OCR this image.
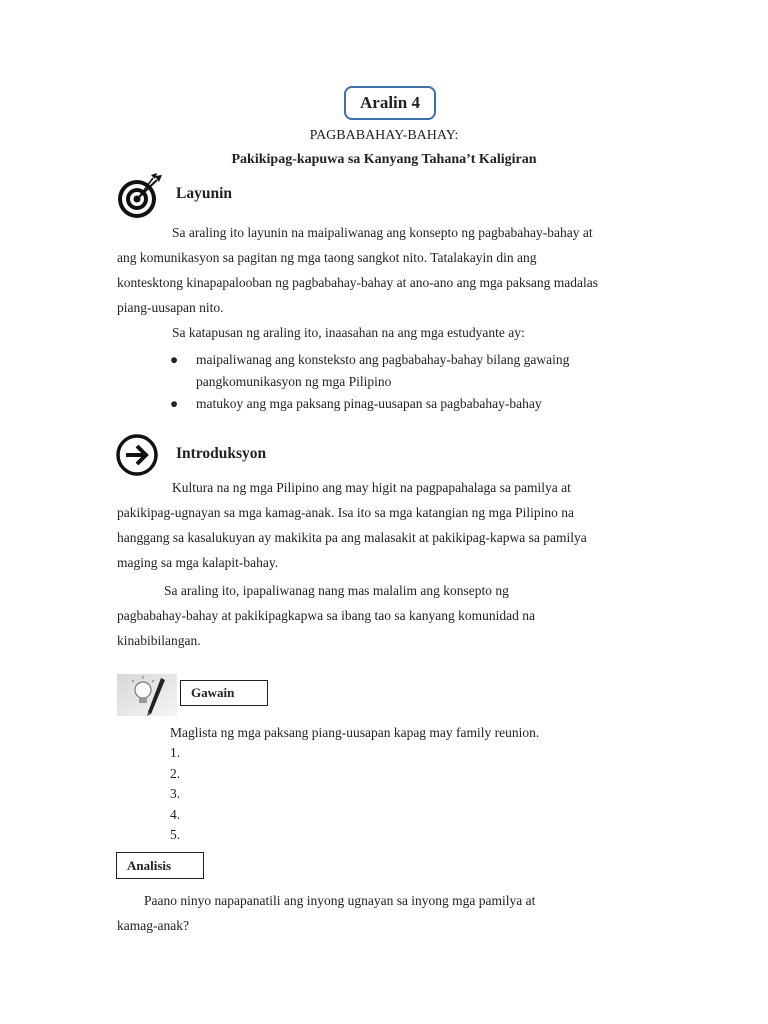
Aralin 4
PAGBABAHAY-BAHAY:
Pakikipag-kapuwa sa Kanyang Tahana’t Kaligiran
Layunin
Sa araling ito layunin na maipaliwanag ang konsepto ng pagbabahay-bahay at
ang komunikasyon sa pagitan ng mga taong sangkot nito. Tatalakayin din ang
kontesktong kinapapalooban ng pagbabahay-bahay at ano-ano ang mga paksang madalas
piang-uusapan nito.
Sa katapusan ng araling ito, inaasahan na ang mga estudyante ay:
● maipaliwanag ang konsteksto ang pagbabahay-bahay bilang gawaing
pangkomunikasyon ng mga Pilipino
● matukoy ang mga paksang pinag-uusapan sa pagbabahay-bahay
Introduksyon
Kultura na ng mga Pilipino ang may higit na pagpapahalaga sa pamilya at
pakikipag-ugnayan sa mga kamag-anak. Isa ito sa mga katangian ng mga Pilipino na
hanggang sa kasalukuyan ay makikita pa ang malasakit at pakikipag-kapwa sa pamilya
maging sa mga kalapit-bahay.
Sa araling ito, ipapaliwanag nang mas malalim ang konsepto ng
pagbabahay-bahay at pakikipagkapwa sa ibang tao sa kanyang komunidad na
kinabibilangan.
Gawain
Maglista ng mga paksang piang-uusapan kapag may family reunion.
1.
2.
3.
4.
5.
Analisis
Paano ninyo napapanatili ang inyong ugnayan sa inyong mga pamilya at
kamag-anak?
